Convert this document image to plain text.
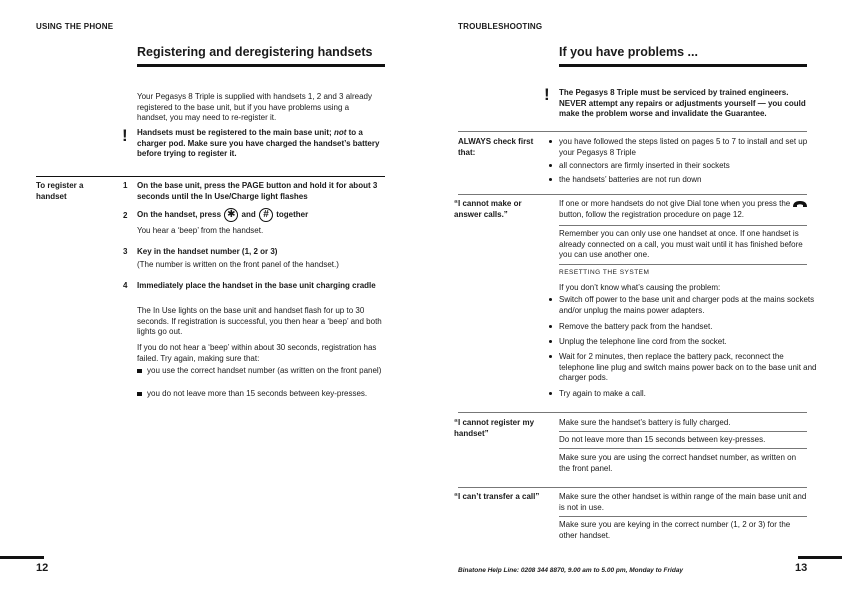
USING THE PHONE
Registering and deregistering handsets
Your Pegasys 8 Triple is supplied with handsets 1, 2 and 3 already registered to the base unit, but if you have problems using a handset, you may need to re-register it.
! Handsets must be registered to the main base unit; not to a charger pod. Make sure you have charged the handset’s battery before trying to register it.
To register a handset
1 On the base unit, press the PAGE button and hold it for about 3 seconds until the In Use/Charge light flashes
2 On the handset, press ✱ and # together
You hear a ‘beep’ from the handset.
3 Key in the handset number (1, 2 or 3)
(The number is written on the front panel of the handset.)
4 Immediately place the handset in the base unit charging cradle
The In Use lights on the base unit and handset flash for up to 30 seconds. If registration is successful, you then hear a ‘beep’ and both lights go out.
If you do not hear a ‘beep’ within about 30 seconds, registration has failed. Try again, making sure that:
you use the correct handset number (as written on the front panel)
you do not leave more than 15 seconds between key-presses.
12
TROUBLESHOOTING
If you have problems ...
! The Pegasys 8 Triple must be serviced by trained engineers. NEVER attempt any repairs or adjustments yourself — you could make the problem worse and invalidate the Guarantee.
ALWAYS check first that:
you have followed the steps listed on pages 5 to 7 to install and set up your Pegasys 8 Triple
all connectors are firmly inserted in their sockets
the handsets’ batteries are not run down
“I cannot make or answer calls.”
If one or more handsets do not give Dial tone when you press the  button, follow the registration procedure on page 12.
Remember you can only use one handset at once. If one handset is already connected on a call, you must wait until it has finished before you can use another one.
RESETTING THE SYSTEM
If you don’t know what’s causing the problem:
Switch off power to the base unit and charger pods at the mains sockets and/or unplug the mains power adapters.
Remove the battery pack from the handset.
Unplug the telephone line cord from the socket.
Wait for 2 minutes, then replace the battery pack, reconnect the telephone line plug and switch mains power back on to the base unit and charger pods.
Try again to make a call.
“I cannot register my handset”
Make sure the handset’s battery is fully charged.
Do not leave more than 15 seconds between key-presses.
Make sure you are using the correct handset number, as written on the front panel.
“I can’t transfer a call”	Make sure the other handset is within range of the main base unit and is not in use.
Make sure you are keying in the correct number (1, 2 or 3) for the other handset.
Binatone Help Line: 0208 344 8870, 9.00 am to 5.00 pm, Monday to Friday	13
